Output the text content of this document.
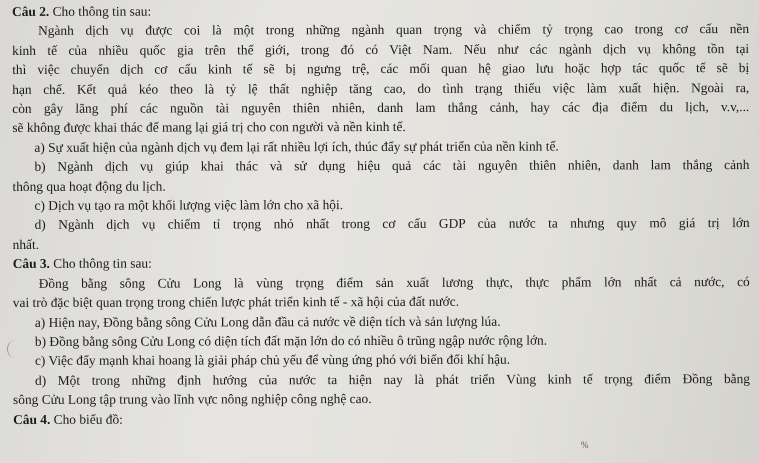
Câu 2. Cho thông tin sau:
Ngành dịch vụ được coi là một trong những ngành quan trọng và chiếm tỷ trọng cao trong cơ cấu nền
kinh tế của nhiều quốc gia trên thế giới, trong đó có Việt Nam. Nếu như các ngành dịch vụ không tồn tại
thì việc chuyển dịch cơ cấu kinh tế sẽ bị ngưng trệ, các mối quan hệ giao lưu hoặc hợp tác quốc tế sẽ bị
hạn chế. Kết quả kéo theo là tỷ lệ thất nghiệp tăng cao, do tình trạng thiếu việc làm xuất hiện. Ngoài ra,
còn gây lãng phí các nguồn tài nguyên thiên nhiên, danh lam thắng cảnh, hay các địa điểm du lịch, v.v,...
sẽ không được khai thác để mang lại giá trị cho con người và nền kinh tế.
a) Sự xuất hiện của ngành dịch vụ đem lại rất nhiều lợi ích, thúc đẩy sự phát triển của nền kinh tế.
b) Ngành dịch vụ giúp khai thác và sử dụng hiệu quả các tài nguyên thiên nhiên, danh lam thắng cảnh
thông qua hoạt động du lịch.
c) Dịch vụ tạo ra một khối lượng việc làm lớn cho xã hội.
d) Ngành dịch vụ chiếm tỉ trọng nhỏ nhất trong cơ cấu GDP của nước ta nhưng quy mô giá trị lớn
nhất.
Câu 3. Cho thông tin sau:
Đồng bằng sông Cửu Long là vùng trọng điểm sản xuất lương thực, thực phẩm lớn nhất cả nước, có
vai trò đặc biệt quan trọng trong chiến lược phát triển kinh tế - xã hội của đất nước.
a) Hiện nay, Đồng bằng sông Cửu Long dẫn đầu cả nước về diện tích và sản lượng lúa.
b) Đồng bằng sông Cửu Long có diện tích đất mặn lớn do có nhiều ô trũng ngập nước rộng lớn.
c) Việc đẩy mạnh khai hoang là giải pháp chủ yếu để vùng ứng phó với biến đổi khí hậu.
d) Một trong những định hướng của nước ta hiện nay là phát triển Vùng kinh tế trọng điểm Đồng bằng
sông Cửu Long tập trung vào lĩnh vực nông nghiệp công nghệ cao.
Câu 4. Cho biểu đồ:
%
